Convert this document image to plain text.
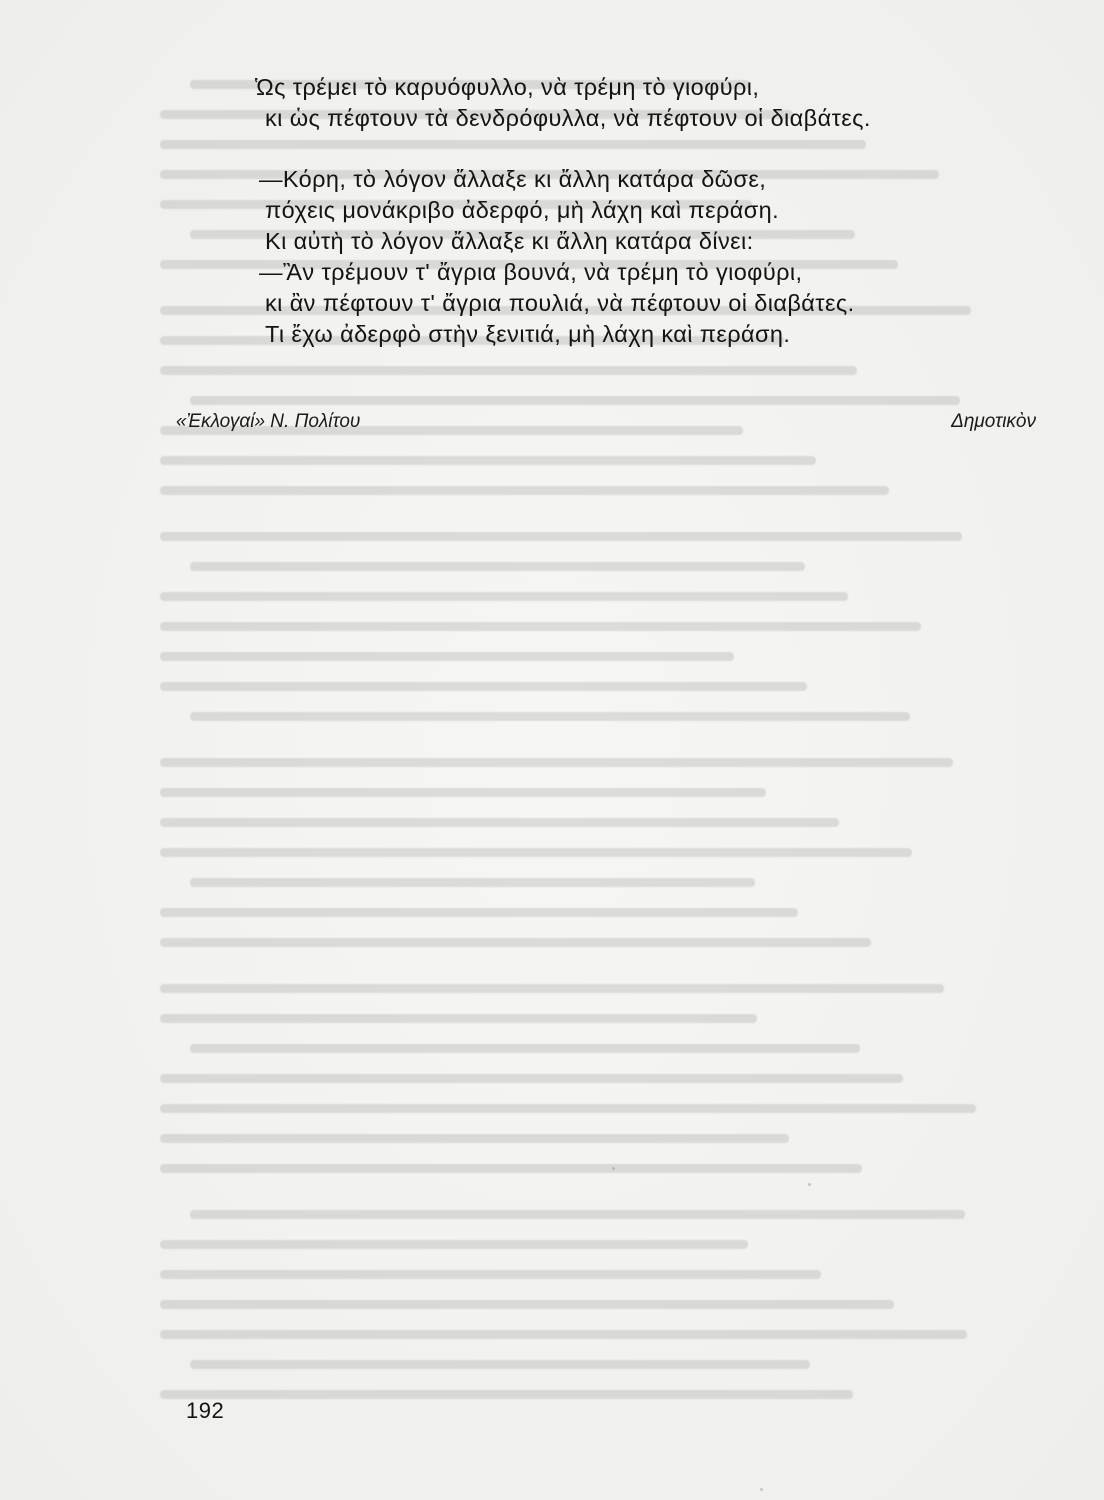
Ὡς τρέμει τὸ καρυόφυλλο, νὰ τρέμη τὸ γιοφύρι,
κι ὡς πέφτουν τὰ δενδρόφυλλα, νὰ πέφτουν οἱ διαβάτες.
—Κόρη, τὸ λόγον ἄλλαξε κι ἄλλη κατάρα δῶσε,
πόχεις μονάκριβο ἀδερφό, μὴ λάχη καὶ περάση.
Κι αὐτὴ τὸ λόγον ἄλλαξε κι ἄλλη κατάρα δίνει:
—Ἂν τρέμουν τ' ἄγρια βουνά, νὰ τρέμη τὸ γιοφύρι,
κι ἂν πέφτουν τ' ἄγρια πουλιά, νὰ πέφτουν οἱ διαβάτες.
Τι ἔχω ἀδερφὸ στὴν ξενιτιά, μὴ λάχη καὶ περάση.
«Ἐκλογαί» Ν. Πολίτου	Δημοτικὸν
192
